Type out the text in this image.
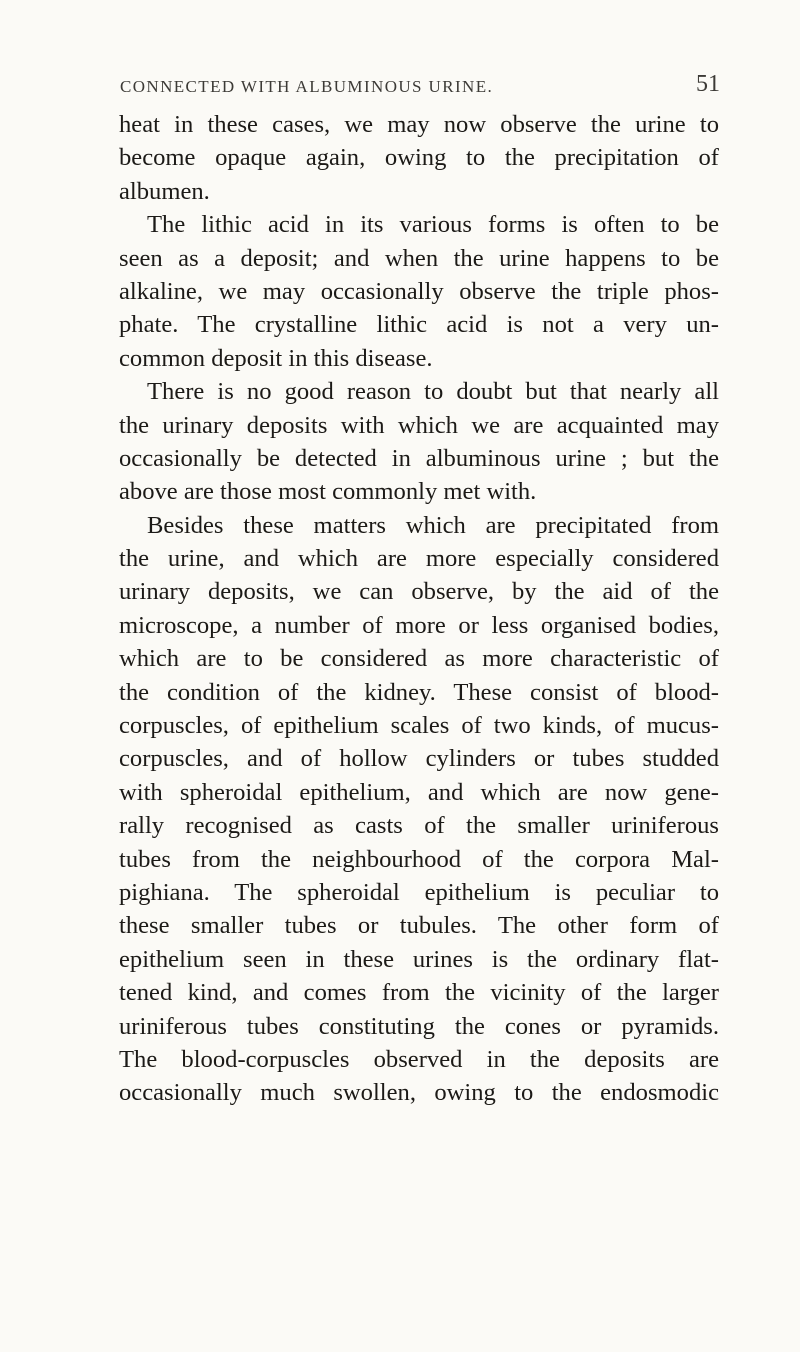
CONNECTED WITH ALBUMINOUS URINE.	51
heat in these cases, we may now observe the urine to
become opaque again, owing to the precipitation of
albumen.
The lithic acid in its various forms is often to be
seen as a deposit; and when the urine happens to be
alkaline, we may occasionally observe the triple phos-
phate. The crystalline lithic acid is not a very un-
common deposit in this disease.
There is no good reason to doubt but that nearly all
the urinary deposits with which we are acquainted may
occasionally be detected in albuminous urine ; but the
above are those most commonly met with.
Besides these matters which are precipitated from
the urine, and which are more especially considered
urinary deposits, we can observe, by the aid of the
microscope, a number of more or less organised bodies,
which are to be considered as more characteristic of
the condition of the kidney. These consist of blood-
corpuscles, of epithelium scales of two kinds, of mucus-
corpuscles, and of hollow cylinders or tubes studded
with spheroidal epithelium, and which are now gene-
rally recognised as casts of the smaller uriniferous
tubes from the neighbourhood of the corpora Mal-
pighiana. The spheroidal epithelium is peculiar to
these smaller tubes or tubules. The other form of
epithelium seen in these urines is the ordinary flat-
tened kind, and comes from the vicinity of the larger
uriniferous tubes constituting the cones or pyramids.
The blood-corpuscles observed in the deposits are
occasionally much swollen, owing to the endosmodic
